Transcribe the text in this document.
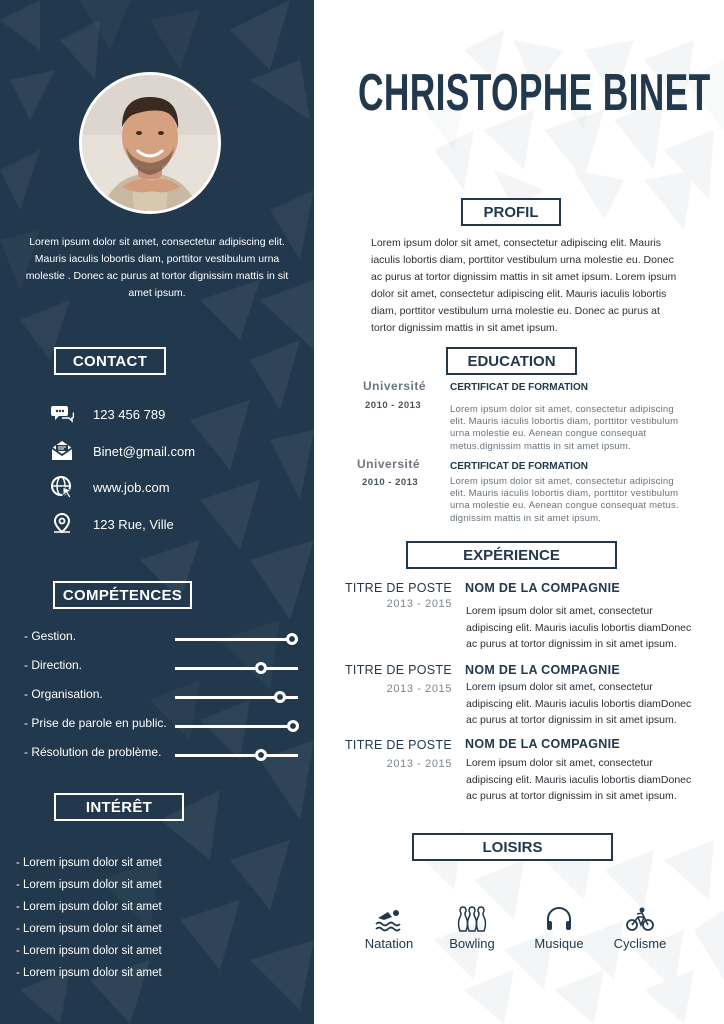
Lorem ipsum dolor sit amet, consectetur adipiscing elit. Mauris iaculis lobortis diam, porttitor vestibulum urna molestie . Donec ac purus at tortor dignissim mattis in sit amet ipsum.

CONTACT
123 456 789
Binet@gmail.com
www.job.com
123 Rue, Ville
COMPÉTENCES
- Gestion.
- Direction.
- Organisation.
- Prise de parole en public.
- Résolution de problème.
INTÉRÊT
- Lorem ipsum dolor sit amet
- Lorem ipsum dolor sit amet
- Lorem ipsum dolor sit amet
- Lorem ipsum dolor sit amet
- Lorem ipsum dolor sit amet
- Lorem ipsum dolor sit amet
CHRISTOPHE BINET
PROFIL

Lorem ipsum dolor sit amet, consectetur adipiscing elit. Mauris iaculis lobortis diam, porttitor vestibulum urna molestie eu. Donec ac purus at tortor dignissim mattis in sit amet ipsum. Lorem ipsum dolor sit amet, consectetur adipiscing elit. Mauris iaculis lobortis diam, porttitor vestibulum urna molestie eu. Donec ac purus at tortor dignissim mattis in sit amet ipsum.

EDUCATION
Université
2010 - 2013
CERTIFICAT DE FORMATION

Lorem ipsum dolor sit amet, consectetur adipiscing elit. Mauris iaculis lobortis diam, porttitor vestibulum urna molestie eu. Aenean congue consequat metus.dignissim mattis in sit amet ipsum.

Université
2010 - 2013
CERTIFICAT DE FORMATION

Lorem ipsum dolor sit amet, consectetur adipiscing elit. Mauris iaculis lobortis diam, porttitor vestibulum urna molestie eu. Aenean congue consequat metus. dignissim mattis in sit amet ipsum.

EXPÉRIENCE
TITRE DE POSTE
2013 - 2015
NOM DE LA COMPAGNIE

Lorem ipsum dolor sit amet, consectetur adipiscing elit. Mauris iaculis lobortis diamDonec ac purus at tortor dignissim in sit amet ipsum.

TITRE DE POSTE
2013 - 2015
NOM DE LA COMPAGNIE

Lorem ipsum dolor sit amet, consectetur adipiscing elit. Mauris iaculis lobortis diamDonec ac purus at tortor dignissim in sit amet ipsum.

TITRE DE POSTE
2013 - 2015
NOM DE LA COMPAGNIE

Lorem ipsum dolor sit amet, consectetur adipiscing elit. Mauris iaculis lobortis diamDonec ac purus at tortor dignissim in sit amet ipsum.

LOISIRS
Natation	Bowling	Musique	Cyclisme
